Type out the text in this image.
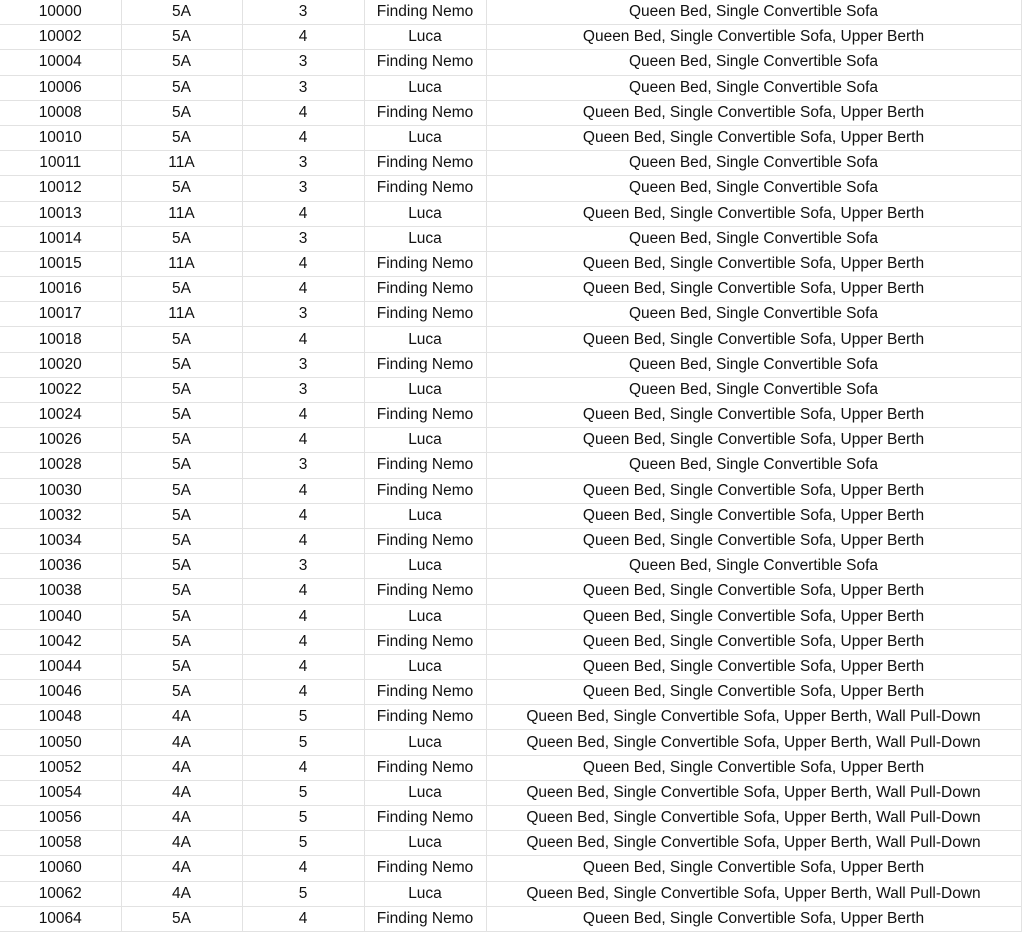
10000	5A	3	Finding Nemo	Queen Bed, Single Convertible Sofa
10002	5A	4	Luca	Queen Bed, Single Convertible Sofa, Upper Berth
10004	5A	3	Finding Nemo	Queen Bed, Single Convertible Sofa
10006	5A	3	Luca	Queen Bed, Single Convertible Sofa
10008	5A	4	Finding Nemo	Queen Bed, Single Convertible Sofa, Upper Berth
10010	5A	4	Luca	Queen Bed, Single Convertible Sofa, Upper Berth
10011	11A	3	Finding Nemo	Queen Bed, Single Convertible Sofa
10012	5A	3	Finding Nemo	Queen Bed, Single Convertible Sofa
10013	11A	4	Luca	Queen Bed, Single Convertible Sofa, Upper Berth
10014	5A	3	Luca	Queen Bed, Single Convertible Sofa
10015	11A	4	Finding Nemo	Queen Bed, Single Convertible Sofa, Upper Berth
10016	5A	4	Finding Nemo	Queen Bed, Single Convertible Sofa, Upper Berth
10017	11A	3	Finding Nemo	Queen Bed, Single Convertible Sofa
10018	5A	4	Luca	Queen Bed, Single Convertible Sofa, Upper Berth
10020	5A	3	Finding Nemo	Queen Bed, Single Convertible Sofa
10022	5A	3	Luca	Queen Bed, Single Convertible Sofa
10024	5A	4	Finding Nemo	Queen Bed, Single Convertible Sofa, Upper Berth
10026	5A	4	Luca	Queen Bed, Single Convertible Sofa, Upper Berth
10028	5A	3	Finding Nemo	Queen Bed, Single Convertible Sofa
10030	5A	4	Finding Nemo	Queen Bed, Single Convertible Sofa, Upper Berth
10032	5A	4	Luca	Queen Bed, Single Convertible Sofa, Upper Berth
10034	5A	4	Finding Nemo	Queen Bed, Single Convertible Sofa, Upper Berth
10036	5A	3	Luca	Queen Bed, Single Convertible Sofa
10038	5A	4	Finding Nemo	Queen Bed, Single Convertible Sofa, Upper Berth
10040	5A	4	Luca	Queen Bed, Single Convertible Sofa, Upper Berth
10042	5A	4	Finding Nemo	Queen Bed, Single Convertible Sofa, Upper Berth
10044	5A	4	Luca	Queen Bed, Single Convertible Sofa, Upper Berth
10046	5A	4	Finding Nemo	Queen Bed, Single Convertible Sofa, Upper Berth
10048	4A	5	Finding Nemo	Queen Bed, Single Convertible Sofa, Upper Berth, Wall Pull-Down
10050	4A	5	Luca	Queen Bed, Single Convertible Sofa, Upper Berth, Wall Pull-Down
10052	4A	4	Finding Nemo	Queen Bed, Single Convertible Sofa, Upper Berth
10054	4A	5	Luca	Queen Bed, Single Convertible Sofa, Upper Berth, Wall Pull-Down
10056	4A	5	Finding Nemo	Queen Bed, Single Convertible Sofa, Upper Berth, Wall Pull-Down
10058	4A	5	Luca	Queen Bed, Single Convertible Sofa, Upper Berth, Wall Pull-Down
10060	4A	4	Finding Nemo	Queen Bed, Single Convertible Sofa, Upper Berth
10062	4A	5	Luca	Queen Bed, Single Convertible Sofa, Upper Berth, Wall Pull-Down
10064	5A	4	Finding Nemo	Queen Bed, Single Convertible Sofa, Upper Berth
